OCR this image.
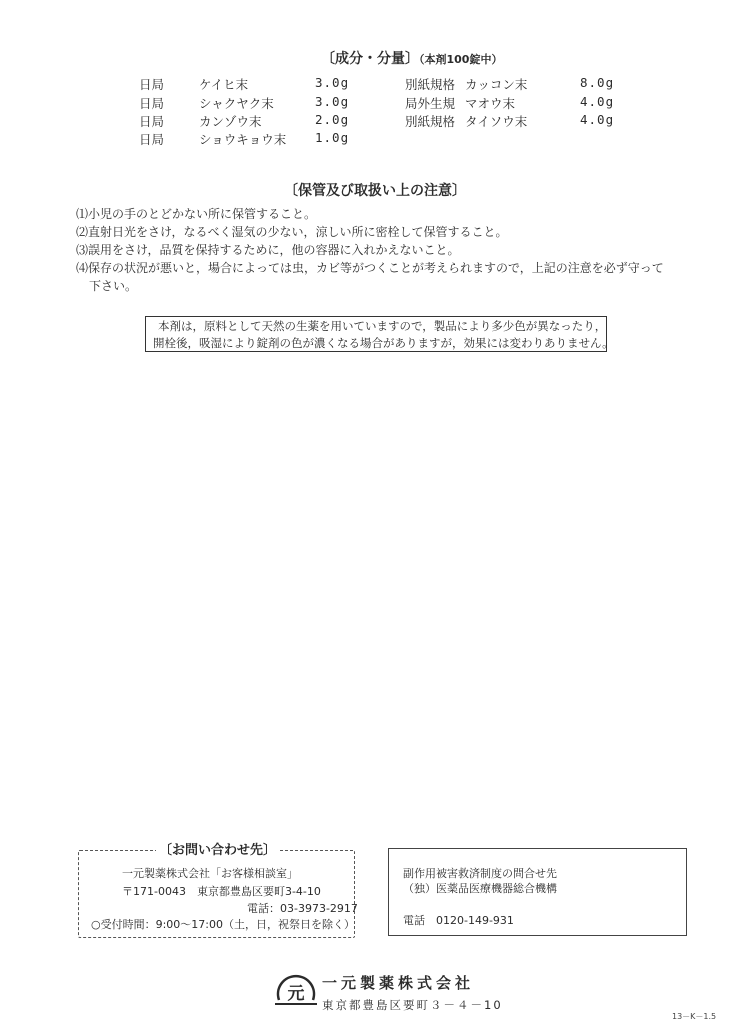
〔成分・分量〕（本剤100錠中）
日局	ケイヒ末	3.0g
日局	シャクヤク末	3.0g
日局	カンゾウ末	2.0g
日局	ショウキョウ末 1.0g
別紙規格 カッコン末	8.0g
局外生規 マオウ末	4.0g
別紙規格 タイソウ末	4.0g
〔保管及び取扱い上の注意〕
⑴小児の手のとどかない所に保管すること。
⑵直射日光をさけ，なるべく湿気の少ない，涼しい所に密栓して保管すること。
⑶誤用をさけ，品質を保持するために，他の容器に入れかえないこと。
⑷保存の状況が悪いと，場合によっては虫，カビ等がつくことが考えられますので，上記の注意を必ず守って
下さい。
本剤は，原料として天然の生薬を用いていますので，製品により多少色が異なったり，
開栓後，吸湿により錠剤の色が濃くなる場合がありますが，効果には変わりありません。
〔お問い合わせ先〕
一元製薬株式会社「お客様相談室」
〒171-0043　東京都豊島区要町3-4-10
電話：03-3973-2917
○受付時間：9:00～17:00（土，日，祝祭日を除く）
副作用被害救済制度の問合せ先
（独）医薬品医療機器総合機構
電話　0120-149-931
元
一元製薬株式会社
東京都豊島区要町３－４－10
13－K－1.5
